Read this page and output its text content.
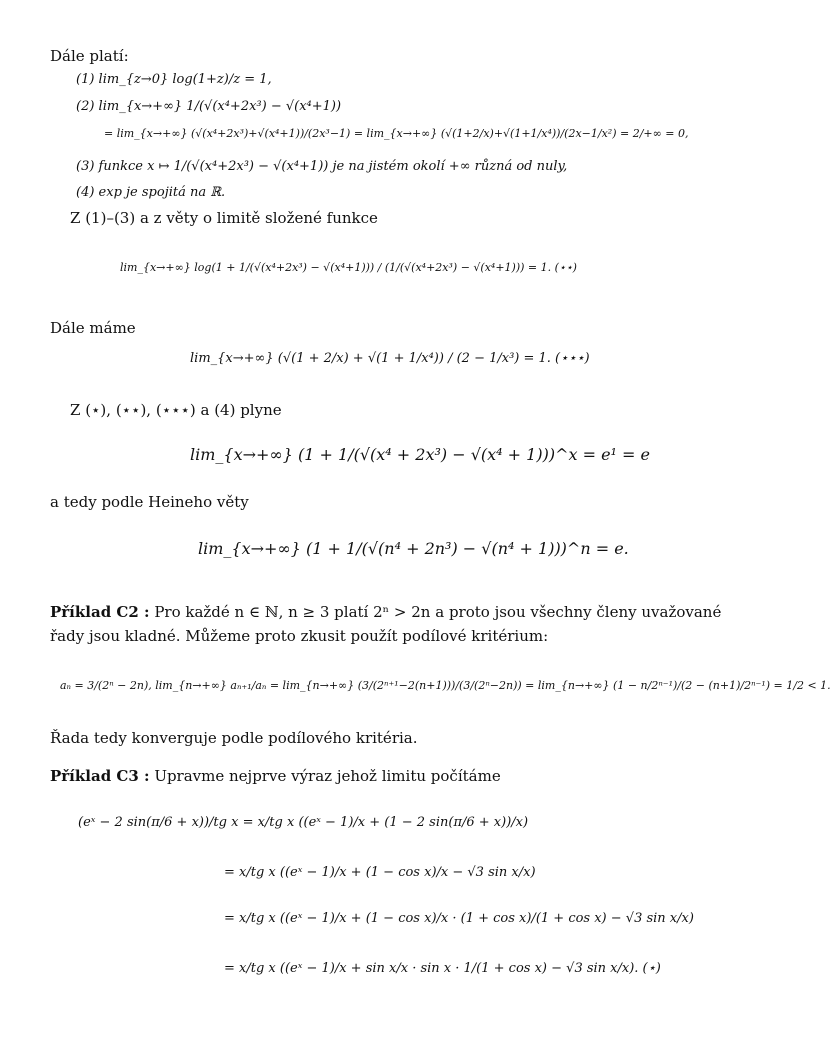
Dále platí:
(1) lim_{z→0} log(1+z)/z = 1,
(2) lim_{x→+∞} 1/(√(x⁴+2x³) − √(x⁴+1))
= lim_{x→+∞} (√(x⁴+2x³)+√(x⁴+1))/(2x³−1) = lim_{x→+∞} (√(1+2/x)+√(1+1/x⁴))/(2x−1/x²) = 2/+∞ = 0,
(3) funkce x ↦ 1/(√(x⁴+2x³) − √(x⁴+1)) je na jistém okolí +∞ různá od nuly,
(4) exp je spojitá na ℝ.
Z (1)–(3) a z věty o limitě složené funkce
lim_{x→+∞} log(1 + 1/(√(x⁴+2x³) − √(x⁴+1))) / (1/(√(x⁴+2x³) − √(x⁴+1))) = 1. (⋆⋆)
Dále máme
lim_{x→+∞} (√(1 + 2/x) + √(1 + 1/x⁴)) / (2 − 1/x³) = 1. (⋆⋆⋆)
Z (⋆), (⋆⋆), (⋆⋆⋆) a (4) plyne
lim_{x→+∞} (1 + 1/(√(x⁴ + 2x³) − √(x⁴ + 1)))^x = e¹ = e
a tedy podle Heineho věty
lim_{x→+∞} (1 + 1/(√(n⁴ + 2n³) − √(n⁴ + 1)))^n = e.
Příklad C2 : Pro každé n ∈ ℕ, n ≥ 3 platí 2ⁿ > 2n a proto jsou všechny členy uvažované
řady jsou kladné. Můžeme proto zkusit použít podílové kritérium:
aₙ = 3/(2ⁿ − 2n), lim_{n→+∞} aₙ₊₁/aₙ = lim_{n→+∞} (3/(2ⁿ⁺¹−2(n+1)))/(3/(2ⁿ−2n)) = lim_{n→+∞} (1 − n/2ⁿ⁻¹)/(2 − (n+1)/2ⁿ⁻¹) = 1/2 < 1.
Řada tedy konverguje podle podílového kritéria.
Příklad C3 : Upravme nejprve výraz jehož limitu počítáme
(eˣ − 2 sin(π/6 + x))/tg x = x/tg x ((eˣ − 1)/x + (1 − 2 sin(π/6 + x))/x)
= x/tg x ((eˣ − 1)/x + (1 − cos x)/x − √3 sin x/x)
= x/tg x ((eˣ − 1)/x + (1 − cos x)/x · (1 + cos x)/(1 + cos x) − √3 sin x/x)
= x/tg x ((eˣ − 1)/x + sin x/x · sin x · 1/(1 + cos x) − √3 sin x/x). (⋆)
